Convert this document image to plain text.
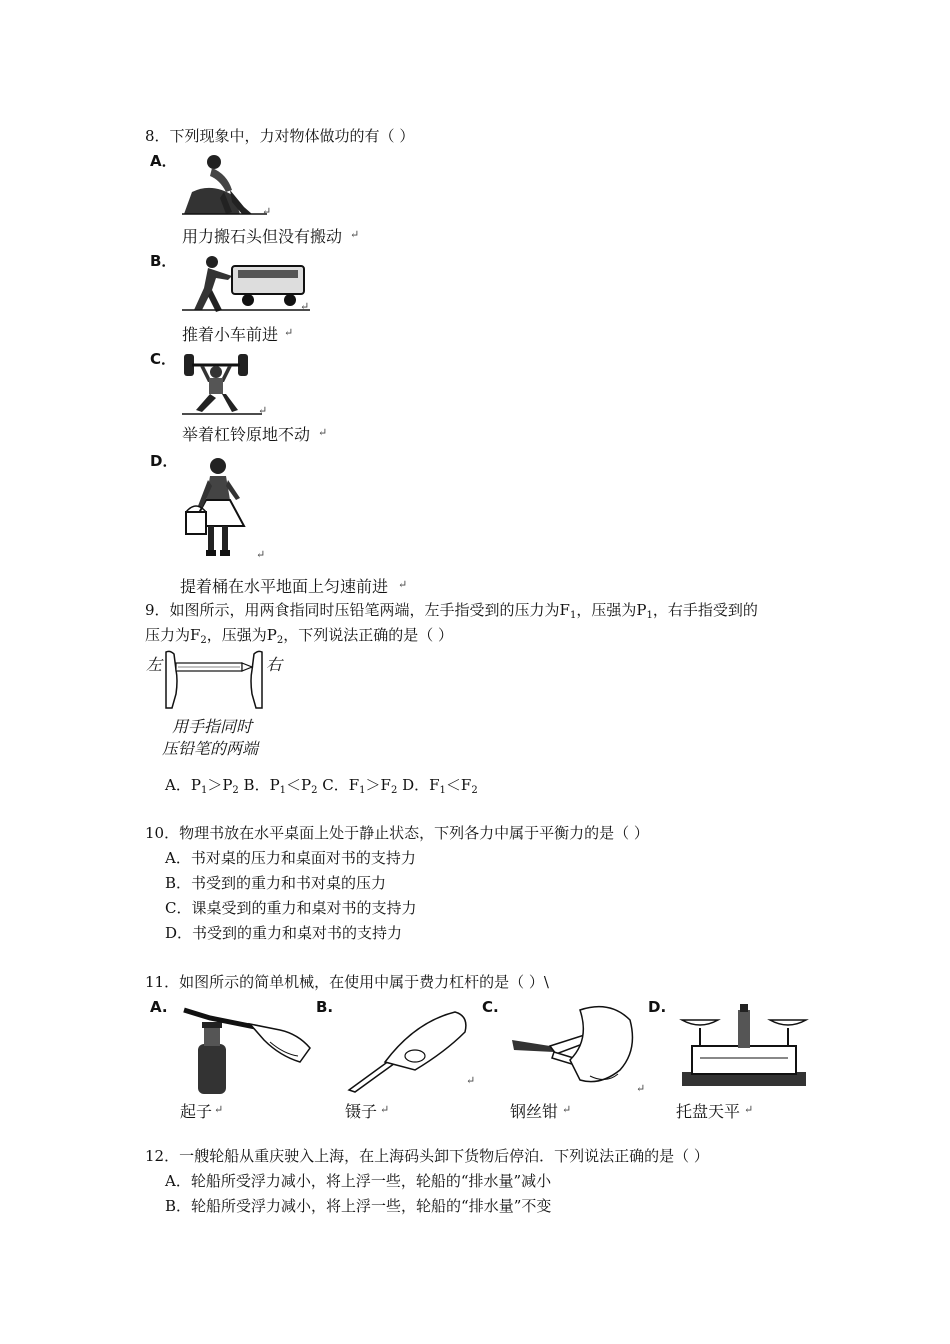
8．下列现象中，力对物体做功的有（ ）
A．
↵
用力搬石头但没有搬动 ↵
B．
↵
推着小车前进 ↵
C．
↵
举着杠铃原地不动 ↵
D．
↵
提着桶在水平地面上匀速前进 ↵
9．如图所示，用两食指同时压铅笔两端，左手指受到的压力为$F_1$，压强为$P_1$，右手指受到的
压力为$F_2$，压强为$P_2$，下列说法正确的是（ ）
左	右
用手指同时
压铅笔的两端
A．$P_1>P_2$ B．$P_1<P_2$ C．$F_1>F_2$ D．$F_1<F_2$
10．物理书放在水平桌面上处于静止状态，下列各力中属于平衡力的是（ ）
A．书对桌的压力和桌面对书的支持力
B．书受到的重力和书对桌的压力
C．课桌受到的重力和桌对书的支持力
D．书受到的重力和桌对书的支持力
11．如图所示的简单机械，在使用中属于费力杠杆的是（ ）\
A.
起子 ↵
B.
↵
镊子 ↵
C.
↵
钢丝钳 ↵
D.
托盘天平 ↵
12．一艘轮船从重庆驶入上海，在上海码头卸下货物后停泊．下列说法正确的是（ ）
A．轮船所受浮力减小，将上浮一些，轮船的“排水量”减小
B．轮船所受浮力减小，将上浮一些，轮船的“排水量”不变
